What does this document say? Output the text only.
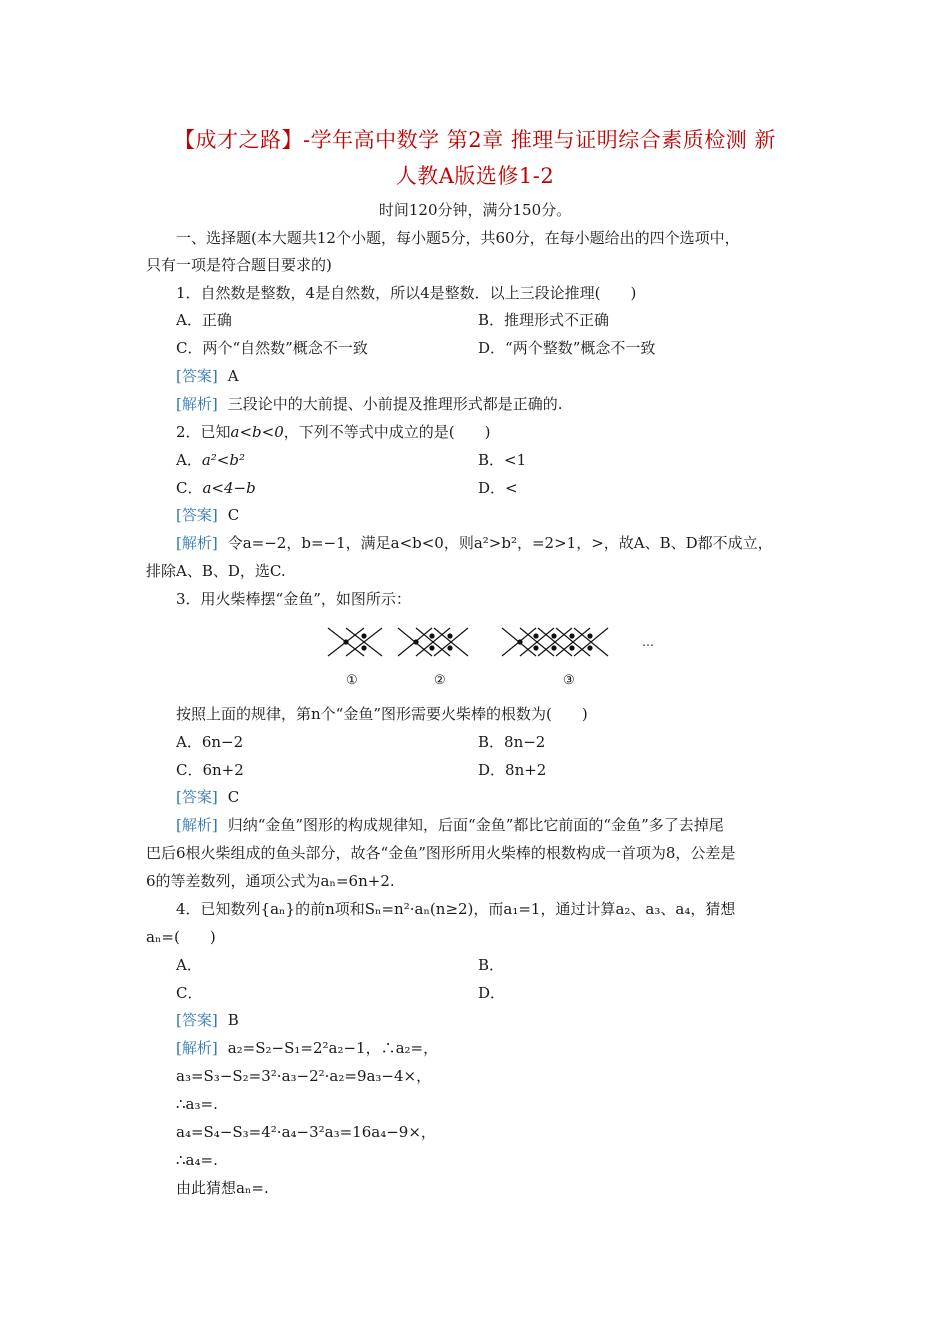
【成才之路】-学年高中数学 第2章 推理与证明综合素质检测 新
人教A版选修1-2
时间120分钟，满分150分。
一、选择题(本大题共12个小题，每小题5分，共60分，在每小题给出的四个选项中，
只有一项是符合题目要求的)
1．自然数是整数，4是自然数，所以4是整数．以上三段论推理(　　)
A．正确	B．推理形式不正确
C．两个“自然数”概念不一致	D．“两个整数”概念不一致
[答案] A
[解析] 三段论中的大前提、小前提及推理形式都是正确的.
2．已知a<b<0，下列不等式中成立的是(　　)
A．a²<b²	B．<1
C．a<4−b	D．<
[答案] C
[解析] 令a=−2，b=−1，满足a<b<0，则a²>b²，=2>1，>，故A、B、D都不成立，
排除A、B、D，选C.
3．用火柴棒摆“金鱼”，如图所示：
…
①	②	③
按照上面的规律，第n个“金鱼”图形需要火柴棒的根数为(　　)
A．6n−2	B．8n−2
C．6n+2	D．8n+2
[答案] C
[解析] 归纳“金鱼”图形的构成规律知，后面“金鱼”都比它前面的“金鱼”多了去掉尾
巴后6根火柴组成的鱼头部分，故各“金鱼”图形所用火柴棒的根数构成一首项为8，公差是
6的等差数列，通项公式为aₙ=6n+2.
4．已知数列{aₙ}的前n项和Sₙ=n²·aₙ(n≥2)，而a₁=1，通过计算a₂、a₃、a₄，猜想
aₙ=(　　)
A．	B．
C．	D．
[答案] B
[解析] a₂=S₂−S₁=2²a₂−1，∴a₂=，
a₃=S₃−S₂=3²·a₃−2²·a₂=9a₃−4×，
∴a₃=.
a₄=S₄−S₃=4²·a₄−3²a₃=16a₄−9×，
∴a₄=.
由此猜想aₙ=.
